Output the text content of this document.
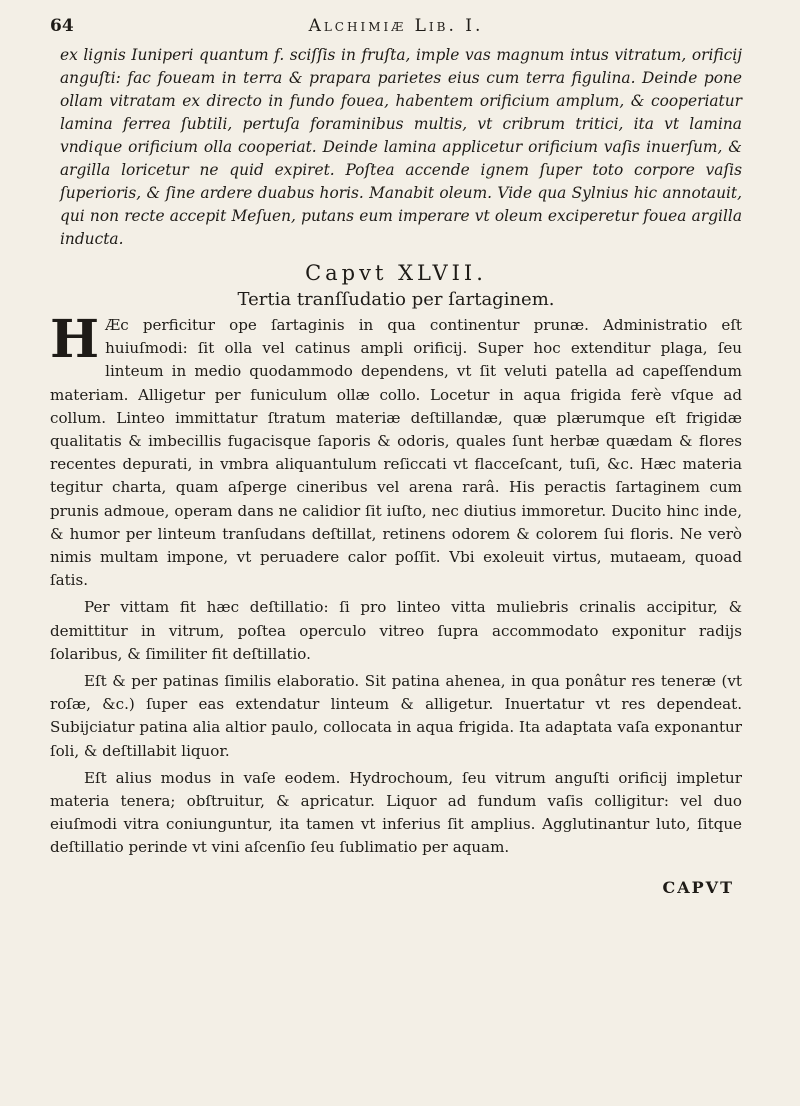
64	Alchimiæ Lib. I.

ex lignis Iuniperi quantum f. sciſſis in fruſta, imple vas magnum intus vitratum, orificij anguſti: fac foueam in terra & prapara parietes eius cum terra figulina. Deinde pone ollam vitratam ex directo in fundo fouea, habentem orificium amplum, & cooperiatur lamina ferrea ſubtili, pertuſa foraminibus multis, vt cribrum tritici, ita vt lamina vndique orificium olla cooperiat. Deinde lamina applicetur orificium vaſis inuerſum, & argilla loricetur ne quid expiret. Poſtea accende ignem ſuper toto corpore vaſis ſuperioris, & ſine ardere duabus horis. Manabit oleum. Vide qua Sylnius hic annotauit, qui non recte accepit Meſuen, putans eum imperare vt oleum exciperetur fouea argilla inducta.

Capvt XLVII.
Tertia tranſſudatio per ſartaginem.

H Æc perficitur ope ſartaginis in qua continentur prunæ. Administratio eſt huiuſmodi: ſit olla vel catinus ampli orificij. Super hoc extenditur plaga, ſeu linteum in medio quodammodo dependens, vt ſit veluti patella ad capeſſendum materiam. Alligetur per funiculum ollæ collo. Locetur in aqua frigida ferè vſque ad collum. Linteo immittatur ſtratum materiæ deſtillandæ, quæ plærumque eſt frigidæ qualitatis & imbecillis fugacisque ſaporis & odoris, quales ſunt herbæ quædam & flores recentes depurati, in vmbra aliquantulum reſiccati vt flacceſcant, tuſi, &c. Hæc materia tegitur charta, quam aſperge cineribus vel arena rarâ. His peractis ſartaginem cum prunis admoue, operam dans ne calidior ſit iuſto, nec diutius immoretur. Ducito hinc inde, & humor per linteum tranſudans deſtillat, retinens odorem & colorem ſui floris. Ne verò nimis multam impone, vt peruadere calor poſſit. Vbi exoleuit virtus, mutaeam, quoad ſatis.

Per vittam fit hæc deſtillatio: ſi pro linteo vitta muliebris crinalis accipitur, & demittitur in vitrum, poſtea operculo vitreo ſupra accommodato exponitur radijs ſolaribus, & ſimiliter fit deſtillatio.

Eſt & per patinas ſimilis elaboratio. Sit patina ahenea, in qua ponâtur res teneræ (vt roſæ, &c.) ſuper eas extendatur linteum & alligetur. Inuertatur vt res dependeat. Subijciatur patina alia altior paulo, collocata in aqua frigida. Ita adaptata vaſa exponantur ſoli, & deſtillabit liquor.

Eſt alius modus in vaſe eodem. Hydrochoum, ſeu vitrum anguſti orificij impletur materia tenera; obſtruitur, & apricatur. Liquor ad fundum vaſis colligitur: vel duo eiuſmodi vitra coniunguntur, ita tamen vt inferius ſit amplius. Agglutinantur luto, ſitque deſtillatio perinde vt vini aſcenſio ſeu ſublimatio per aquam.

CAPVT
